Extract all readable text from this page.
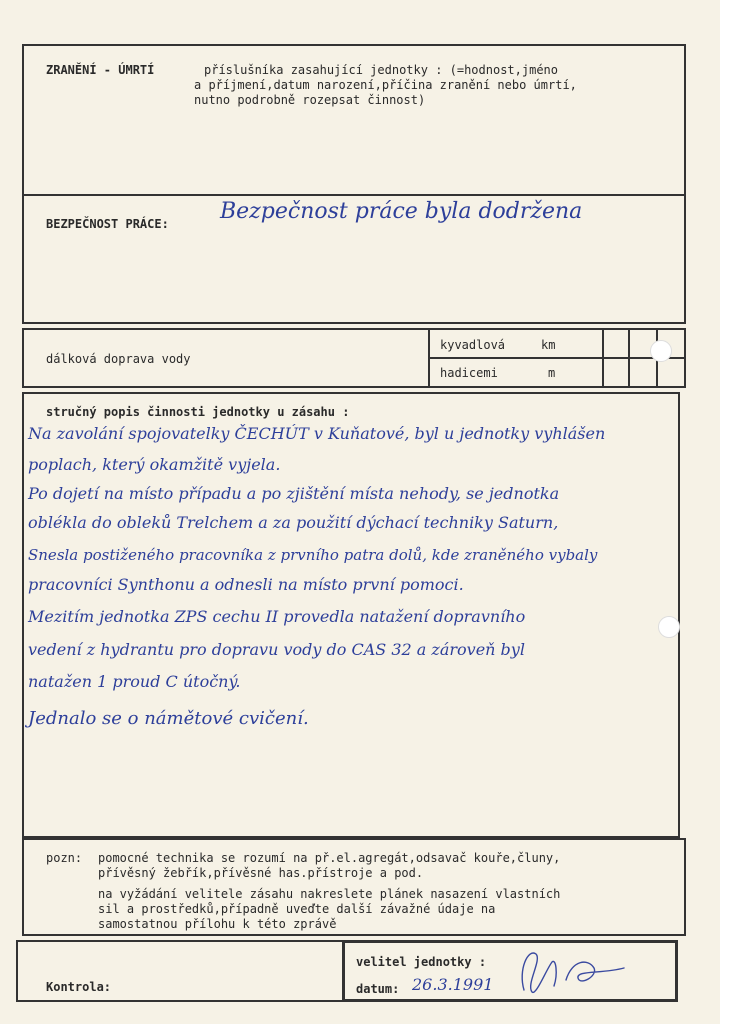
ZRANĚNÍ - ÚMRTÍ	příslušníka zasahující jednotky : (=hodnost,jméno
a příjmení,datum narození,příčina zranění nebo úmrtí,
nutno podrobně rozepsat činnost)
BEZPEČNOST PRÁCE: Bezpečnost práce byla dodržena
dálková doprava vody
kyvadlová	km
hadicemi	m
stručný popis činnosti jednotky u zásahu :
Na zavolání spojovatelky ČECHÚT v Kuňatové, byl u jednotky vyhlášen
poplach, který okamžitě vyjela.
Po dojetí na místo případu a po zjištění místa nehody, se jednotka
oblékla do obleků Trelchem a za použití dýchací techniky Saturn,
Snesla postiženého pracovníka z prvního patra dolů, kde zraněného vybaly
pracovníci Synthonu a odnesli na místo první pomoci.
Mezitím jednotka ZPS cechu II provedla natažení dopravního
vedení z hydrantu pro dopravu vody do CAS 32 a zároveň byl
natažen 1 proud C útočný.
Jednalo se o námětové cvičení.
pozn: pomocné technika se rozumí na př.el.agregát,odsavač kouře,čluny,
přívěsný žebřík,přívěsné has.přístroje a pod.
na vyžádání velitele zásahu nakreslete plánek nasazení vlastních
sil a prostředků,případně uveďte další závažné údaje na
samostatnou přílohu k této zprávě
Kontrola:
velitel jednotky :
datum: 26.3.1991
